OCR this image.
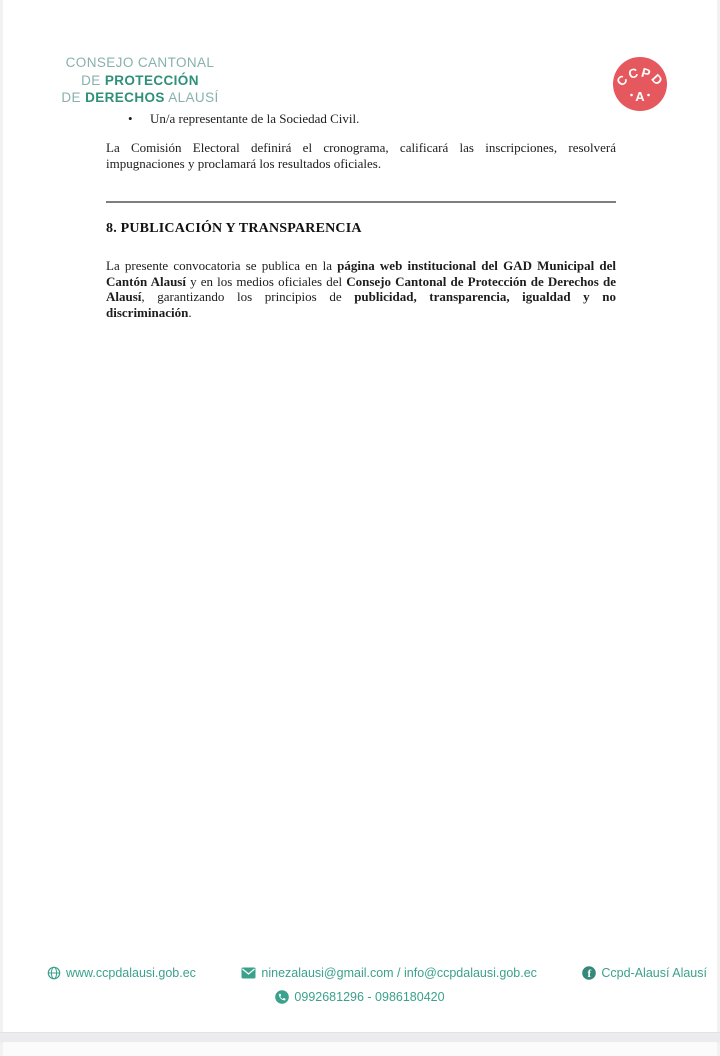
CONSEJO CANTONAL
DE PROTECCIÓN
DE DERECHOS ALAUSÍ
CCPD
A
• Un/a representante de la Sociedad Civil.
La Comisión Electoral definirá el cronograma, calificará las inscripciones, resolverá impugnaciones y proclamará los resultados oficiales.
8. PUBLICACIÓN Y TRANSPARENCIA
La presente convocatoria se publica en la página web institucional del GAD Municipal del Cantón Alausí y en los medios oficiales del Consejo Cantonal de Protección de Derechos de Alausí, garantizando los principios de publicidad, transparencia, igualdad y no discriminación.
www.ccpdalausi.gob.ec	ninezalausi@gmail.com / info@ccpdalausi.gob.ec	f Ccpd-Alausí Alausí
0992681296 - 0986180420
